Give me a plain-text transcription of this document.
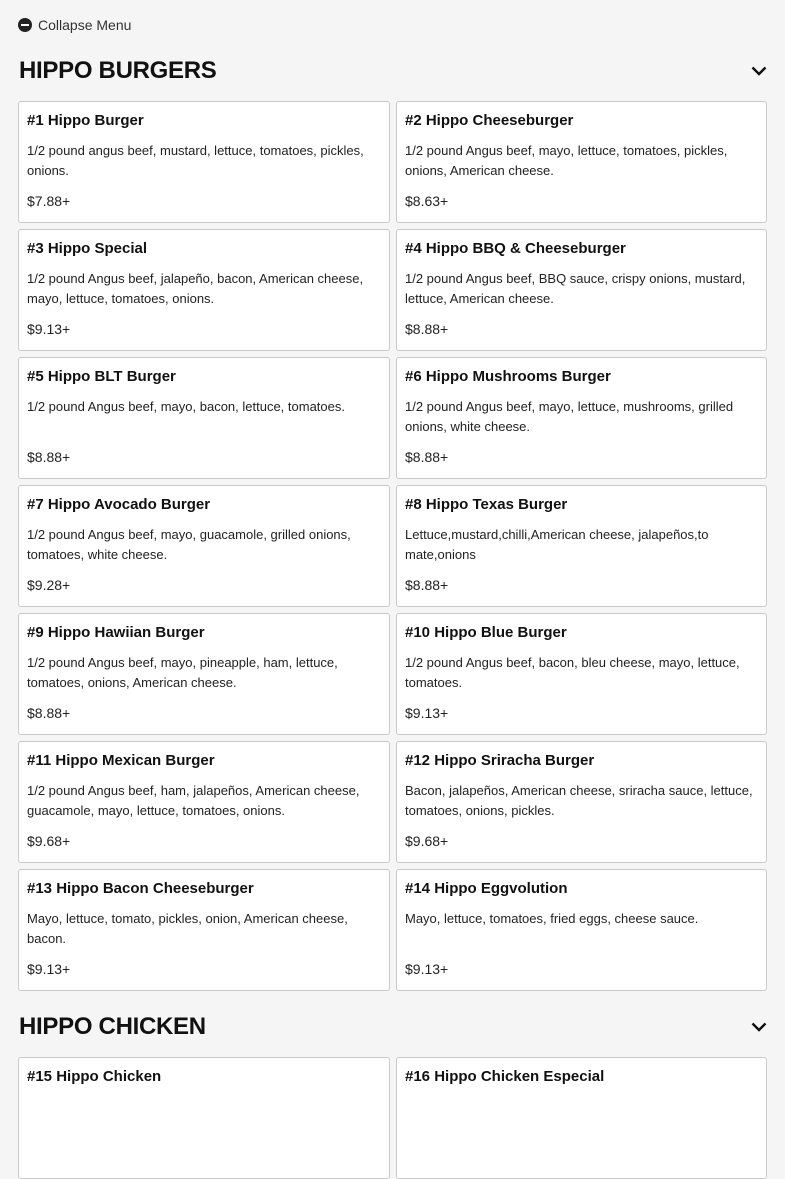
Collapse Menu
HIPPO BURGERS
#1 Hippo Burger
1/2 pound angus beef, mustard, lettuce, tomatoes, pickles, onions.
$7.88+
#2 Hippo Cheeseburger
1/2 pound Angus beef, mayo, lettuce, tomatoes, pickles, onions, American cheese.
$8.63+
#3 Hippo Special
1/2 pound Angus beef, jalapeño, bacon, American cheese, mayo, lettuce, tomatoes, onions.
$9.13+
#4 Hippo BBQ & Cheeseburger
1/2 pound Angus beef, BBQ sauce, crispy onions, mustard, lettuce, American cheese.
$8.88+
#5 Hippo BLT Burger
1/2 pound Angus beef, mayo, bacon, lettuce, tomatoes.
$8.88+
#6 Hippo Mushrooms Burger
1/2 pound Angus beef, mayo, lettuce, mushrooms, grilled onions, white cheese.
$8.88+
#7 Hippo Avocado Burger
1/2 pound Angus beef, mayo, guacamole, grilled onions, tomatoes, white cheese.
$9.28+
#8 Hippo Texas Burger
Lettuce,mustard,chilli,American cheese, jalapeños,to mate,onions
$8.88+
#9 Hippo Hawiian Burger
1/2 pound Angus beef, mayo, pineapple, ham, lettuce, tomatoes, onions, American cheese.
$8.88+
#10 Hippo Blue Burger
1/2 pound Angus beef, bacon, bleu cheese, mayo, lettuce, tomatoes.
$9.13+
#11 Hippo Mexican Burger
1/2 pound Angus beef, ham, jalapeños, American cheese, guacamole, mayo, lettuce, tomatoes, onions.
$9.68+
#12 Hippo Sriracha Burger
Bacon, jalapeños, American cheese, sriracha sauce, lettuce, tomatoes, onions, pickles.
$9.68+
#13 Hippo Bacon Cheeseburger
Mayo, lettuce, tomato, pickles, onion, American cheese, bacon.
$9.13+
#14 Hippo Eggvolution
Mayo, lettuce, tomatoes, fried eggs, cheese sauce.
$9.13+
HIPPO CHICKEN
#15 Hippo Chicken	#16 Hippo Chicken Especial
